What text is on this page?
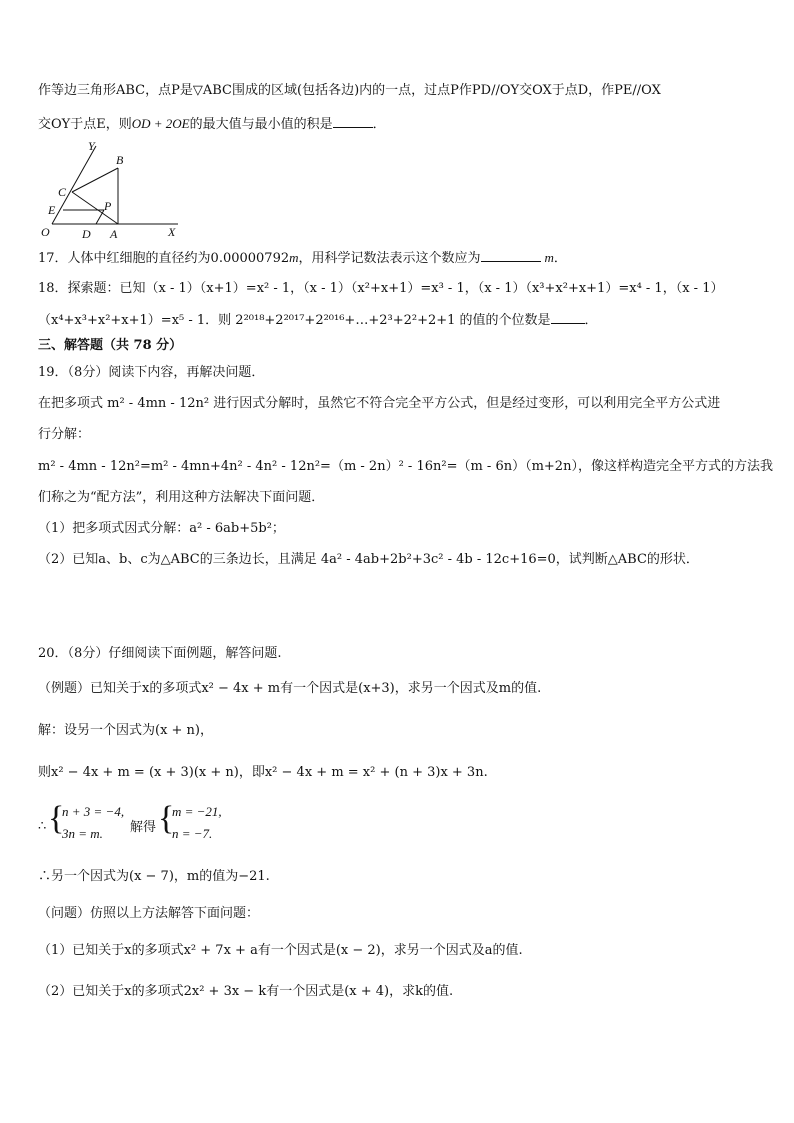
作等边三角形ABC，点P是▽ABC围成的区域(包括各边)内的一点，过点P作PD//OY交OX于点D，作PE//OX
交OY于点E，则OD + 2OE的最大值与最小值的积是	．
Y
B
C
E	P
O	D A	X
17．人体中红细胞的直径约为0.00000792m，用科学记数法表示这个数应为	m．
18．探索题：已知（x - 1）（x+1）=x² - 1，（x - 1）（x²+x+1）=x³ - 1，（x - 1）（x³+x²+x+1）=x⁴ - 1，（x - 1）
（x⁴+x³+x²+x+1）=x⁵ - 1．则 2²⁰¹⁸+2²⁰¹⁷+2²⁰¹⁶+…+2³+2²+2+1 的值的个位数是	．
三、解答题（共 78 分）
19．（8分）阅读下内容，再解决问题．
在把多项式 m² - 4mn - 12n² 进行因式分解时，虽然它不符合完全平方公式，但是经过变形，可以利用完全平方公式进
行分解：
m² - 4mn - 12n²=m² - 4mn+4n² - 4n² - 12n²=（m - 2n）² - 16n²=（m - 6n）（m+2n），像这样构造完全平方式的方法我
们称之为“配方法”，利用这种方法解决下面问题．
（1）把多项式因式分解：a² - 6ab+5b²；
（2）已知a、b、c为△ABC的三条边长，且满足 4a² - 4ab+2b²+3c² - 4b - 12c+16=0，试判断△ABC的形状．
20．（8分）仔细阅读下面例题，解答问题.
（例题）已知关于x的多项式x² − 4x + m有一个因式是(x+3)，求另一个因式及m的值.
解：设另一个因式为(x + n)，
则x² − 4x + m = (x + 3)(x + n)，即x² − 4x + m = x² + (n + 3)x + 3n.
∴ {
n + 3 = −4,
3n = m. 解得 {
m = −21,
n = −7.
∴另一个因式为(x − 7)，m的值为−21.
（问题）仿照以上方法解答下面问题：
（1）已知关于x的多项式x² + 7x + a有一个因式是(x − 2)，求另一个因式及a的值.
（2）已知关于x的多项式2x² + 3x − k有一个因式是(x + 4)，求k的值.
